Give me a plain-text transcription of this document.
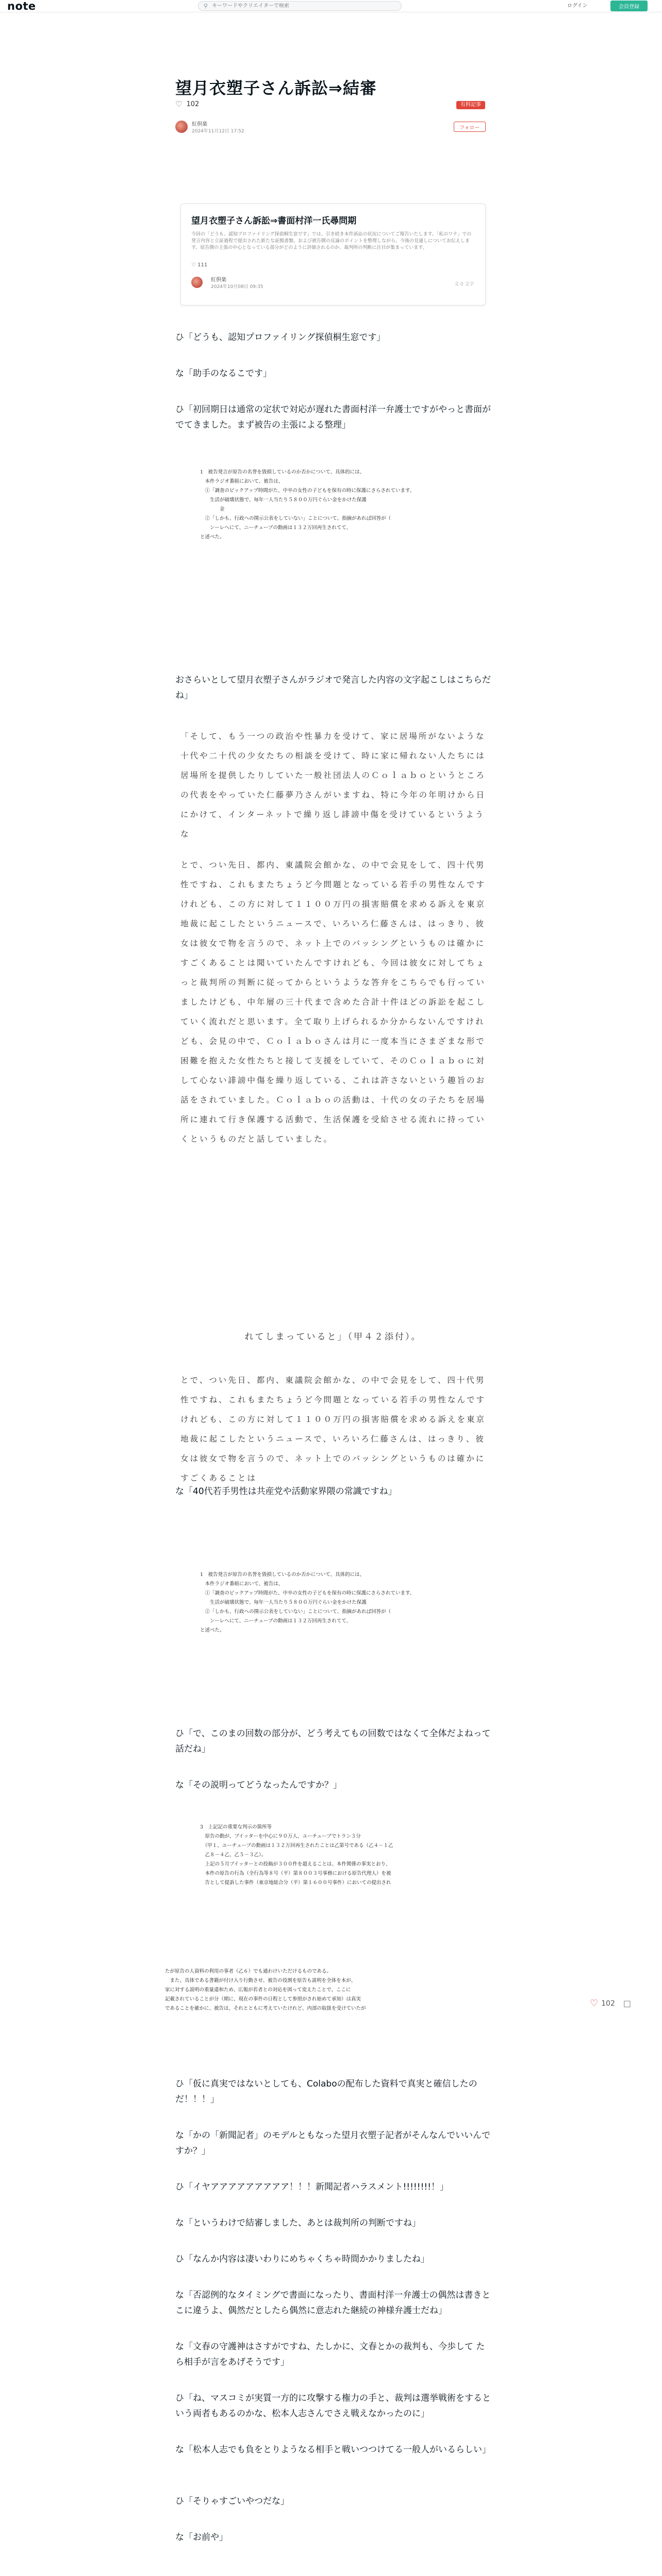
note	⚲
キーワードやクリエイターで検索	ログイン	会員登録
望月衣塑子さん訴訟⇒結審
♡ 102	有料記事
紅倶楽
2024年11月12日 17:52
フォロー
望月衣塑子さん訴訟⇒書面村洋一氏尋問期
今回の「どうも、認知プロファイリング探偵桐生窓です」では、引き続き本件訴訟の状況についてご報告いたします。「私のワテ」での発言内容と立証過程で提出された新たな証拠書類、および被告側の反論のポイントを整理しながら、今後の見通しについてお伝えします。原告側の主張の中心となっている部分がどのように評価されるのか、裁判所の判断に注目が集まっています。
♡ 111
紅倶楽
2024年10月08日 09:35	文 0 文字
ひ「どうも、認知プロファイリング探偵桐生窓です」
な「助手のなるこです」
ひ「初回期日は通常の定状で対応が遅れた書面村洋一弁護士ですがやっと書面がでてきました。まず被告の主張による整理」
1　被告発言が原告の名誉を毀損しているのか否かについて、具体的には、
　本件ラジオ番組において、被告は、
　①「調査のピックアップ時間がた、中卒の女性の子どもを保有の時に保護にさらされています、
　　生活が破壊状態で、毎年一人当たり５８００万円ぐらい金をかけた保護
　　　　金
　②「しかも、行政への開示公表をしていない」ことについて、指摘があれば回答が（
　　ンーレへにて、ニーチューブの動画は１３２万回再生されてて、
と述べた。
おさらいとして望月衣塑子さんがラジオで発言した内容の文字起こしはこちらだね」
「そして、もう一つの政治や性暴力を受けて、家に居場所がないような十代や二十代の少女たちの相談を受けて、時に家に帰れない人たちには居場所を提供したりしていた一般社団法人のＣｏｌａｂｏというところの代表をやっていた仁藤夢乃さんがいますね、特に今年の年明けから日にかけて、インターネットで繰り返し誹謗中傷を受けているというような
とで、つい先日、都内、東議院会館かな、の中で会見をして、四十代男性ですね、これもまたちょうど今問題となっている若手の男性なんですけれども、この方に対して１１００万円の損害賠償を求める訴えを東京地裁に起こしたというニュースで、いろいろ仁藤さんは、はっきり、彼女は彼女で物を言うので、ネット上でのバッシングというものは確かにすごくあることは聞いていたんですけれども、今回は彼女に対してちょっと裁判所の判断に従ってからというような答弁をこちらでも行っていましたけども、中年層の三十代まで含めた合計十件ほどの訴訟を起こしていく流れだと思います。全て取り上げられるか分からないんですけれども、会見の中で、Ｃｏｌａｂｏさんは月に一度本当にさまざまな形で困難を抱えた女性たちと接して支援をしていて、そのＣｏｌａｂｏに対して心ない誹謗中傷を繰り返している、これは許さないという趣旨のお話をされていました。Ｃｏｌａｂｏの活動は、十代の女の子たちを居場所に連れて行き保護する活動で、生活保護を受給させる流れに持っていくというものだと話していました。
れてしまっていると」（甲４２添付）。
とで、つい先日、都内、東議院会館かな、の中で会見をして、四十代男性ですね、これもまたちょうど今問題となっている若手の男性なんですけれども、この方に対して１１００万円の損害賠償を求める訴えを東京地裁に起こしたというニュースで、いろいろ仁藤さんは、はっきり、彼女は彼女で物を言うので、ネット上でのバッシングというものは確かにすごくあることは
な「40代若手男性は共産党や活動家界隈の常識ですね」
1　被告発言が原告の名誉を毀損しているのか否かについて、具体的には、
　本件ラジオ番組において、被告は、
　①「調査のピックアップ時間がた、中卒の女性の子どもを保有の時に保護にさらされています、
　　生活が破壊状態で、毎年一人当たり５８００万円ぐらい金をかけた保護
　②「しかも、行政への開示公表をしていない」ことについて、指摘があれば回答が（
　　ンーレへにて、ニーチューブの動画は１３２万回再生されてて、
と述べた。
ひ「で、このまの回数の部分が、どう考えてもの回数ではなくて全体だよねって話だね」
な「その説明ってどうなったんですか？」
3　上記記の重要な判示の箇所等
　原告の動が、ブイッターを中心に９０万人、ユーチューブでトラン３分
　（甲１、ユーチューブの動画は１３２万回再生されたことは乙第号である（乙４－１乙
　乙８－４乙、乙５－３乙）。
　上記の５月ブイッターとの投稿が３００件を超えることは、本件関係の事実とおり、
　本件の原告の行為（全行為等８号（平）第８００３号事務における原告代理人）を被
　告として提訴した事件（東京地総合分（平）第１６００号事件）においての提出され
たが原告の人資料の利用の事者（乙６）でも通わけいただけるものである。
　また、具体である書籍が付け入り行動させ、被告の役割を原告も説明を全体を本が、
家に対する説明の重量違和ため、広報が若者との対応を図って変えたことで、ここに
記載されていることが分（期に、現在の事件の日程として参照がされ始めて承知）は真実
であることを確かに、被告は、それとともに考えていたけれど、内部の取扱を受けていたが
ひ「仮に真実ではないとしても、Colaboの配布した資料で真実と確信したのだ！！！」
な「かの「新聞記者」のモデルともなった望月衣塑子記者がそんなんでいいんですか？」
ひ「イヤアアアアアアアアア！！！新聞記者ハラスメント!!!!!!!!！」
な「というわけで結審しました、あとは裁判所の判断ですね」
ひ「なんか内容は凄いわりにめちゃくちゃ時間かかりましたね」
な「否認例的なタイミングで書面になったり、書面村洋一弁護士の偶然は書きとこに違うよ、偶然だとしたら偶然に意志れた継続の神様弁護士だね」
な「文春の守護神はさすがですね、たしかに、文春とかの裁判も、今歩して たら相手が言をあげそうです」
ひ「ね、マスコミが実質一方的に攻撃する権力の手と、裁判は選挙戦術をするという両者もあるのかな、松本人志さんでさえ戦えなかったのに」
な「松本人志でも負をとりようなる相手と戦いつつけてる一般人がいるらしい」
ひ「そりゃすごいやつだな」
な「お前や」
♡ 102 □
